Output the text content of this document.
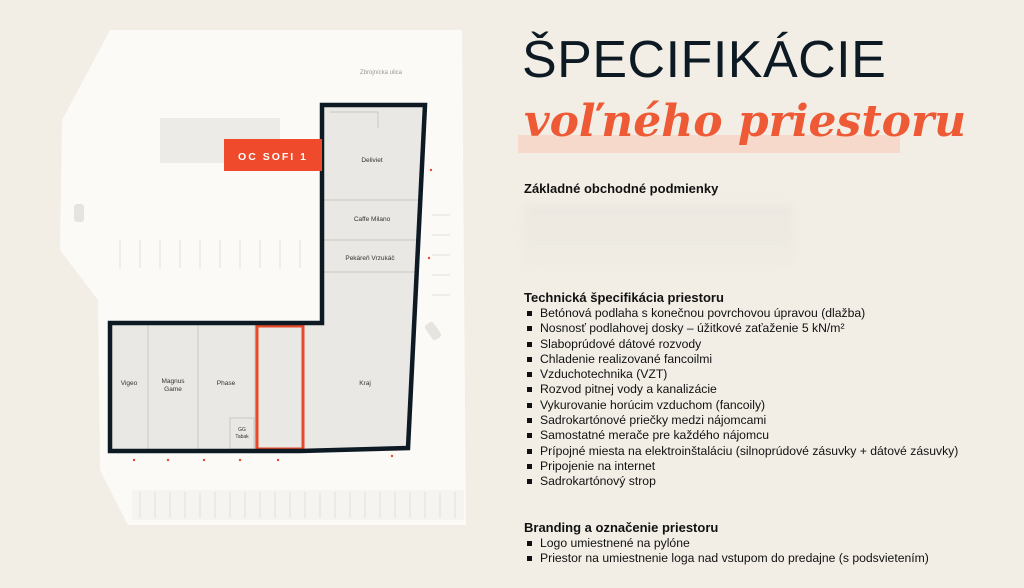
Zbrojnícka ulica
Deliviet
Caffe Milano
Pekáreň Vrzukáč
Vigeo	Magnus
Game
Phase
GG
Tabak
Kraj
OC SOFI 1
ŠPECIFIKÁCIE
voľného priestoru
Základné obchodné podmienky
Technická špecifikácia priestoru
Betónová podlaha s konečnou povrchovou úpravou (dlažba)
Nosnosť podlahovej dosky – úžitkové zaťaženie 5 kN/m²
Slaboprúdové dátové rozvody
Chladenie realizované fancoilmi
Vzduchotechnika (VZT)
Rozvod pitnej vody a kanalizácie
Vykurovanie horúcim vzduchom (fancoily)
Sadrokartónové priečky medzi nájomcami
Samostatné merače pre každého nájomcu
Prípojné miesta na elektroinštaláciu (silnoprúdové zásuvky + dátové zásuvky)
Pripojenie na internet
Sadrokartónový strop
Branding a označenie priestoru
Logo umiestnené na pylóne
Priestor na umiestnenie loga nad vstupom do predajne (s podsvietením)
